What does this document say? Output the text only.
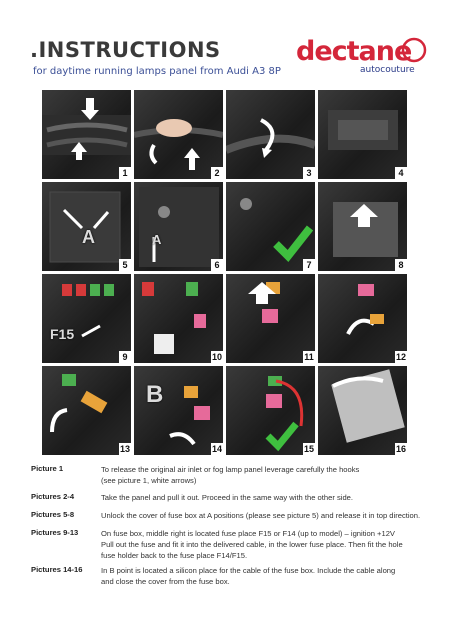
.INSTRUCTIONS
for daytime running lamps panel from Audi A3 8P
dectane
autocouture
1	2	3	4
A
5
A
6	7	8
F15
9	10	11	12
13
B
14	15	16
Picture 1	To release the original air inlet or fog lamp panel leverage carefully the hooks
(see picture 1, white arrows)
Pictures 2-4	Take the panel and pull it out. Proceed in the same way with the other side.
Pictures 5-8	Unlock the cover of fuse box at A positions (please see picture 5) and release it in top direction.
Pictures 9-13	On fuse box, middle right is located fuse place F15 or F14 (up to model) – ignition +12V
Pull out the fuse and fit it into the delivered cable, in the lower fuse place. Then fit the hole
fuse holder back to the fuse place F14/F15.
Pictures 14-16 In B point is located a silicon place for the cable of the fuse box. Include the cable along
and close the cover from the fuse box.
